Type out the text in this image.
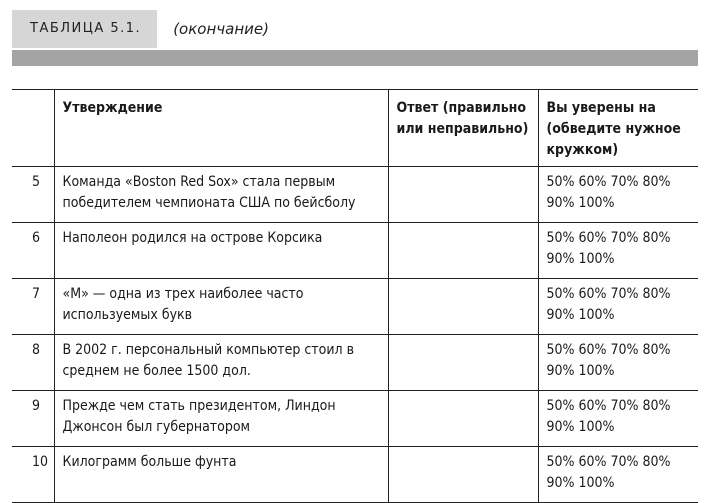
ТАБЛИЦА 5.1.	(окончание)
	Утверждение	Ответ (правильно или неправильно)	Вы уверены на (обведите нужное кружком)
5	Команда «Boston Red Sox» стала первым победителем чемпионата США по бейсболу		50% 60% 70% 80%
90% 100%
6	Наполеон родился на острове Корсика		50% 60% 70% 80%
90% 100%
7	«М» — одна из трех наиболее часто используемых букв		50% 60% 70% 80%
90% 100%
8	В 2002 г. персональный компьютер стоил в среднем не более 1500 дол.		50% 60% 70% 80%
90% 100%
9	Прежде чем стать президентом, Линдон Джонсон был губернатором		50% 60% 70% 80%
90% 100%
10	Килограмм больше фунта		50% 60% 70% 80%
90% 100%
